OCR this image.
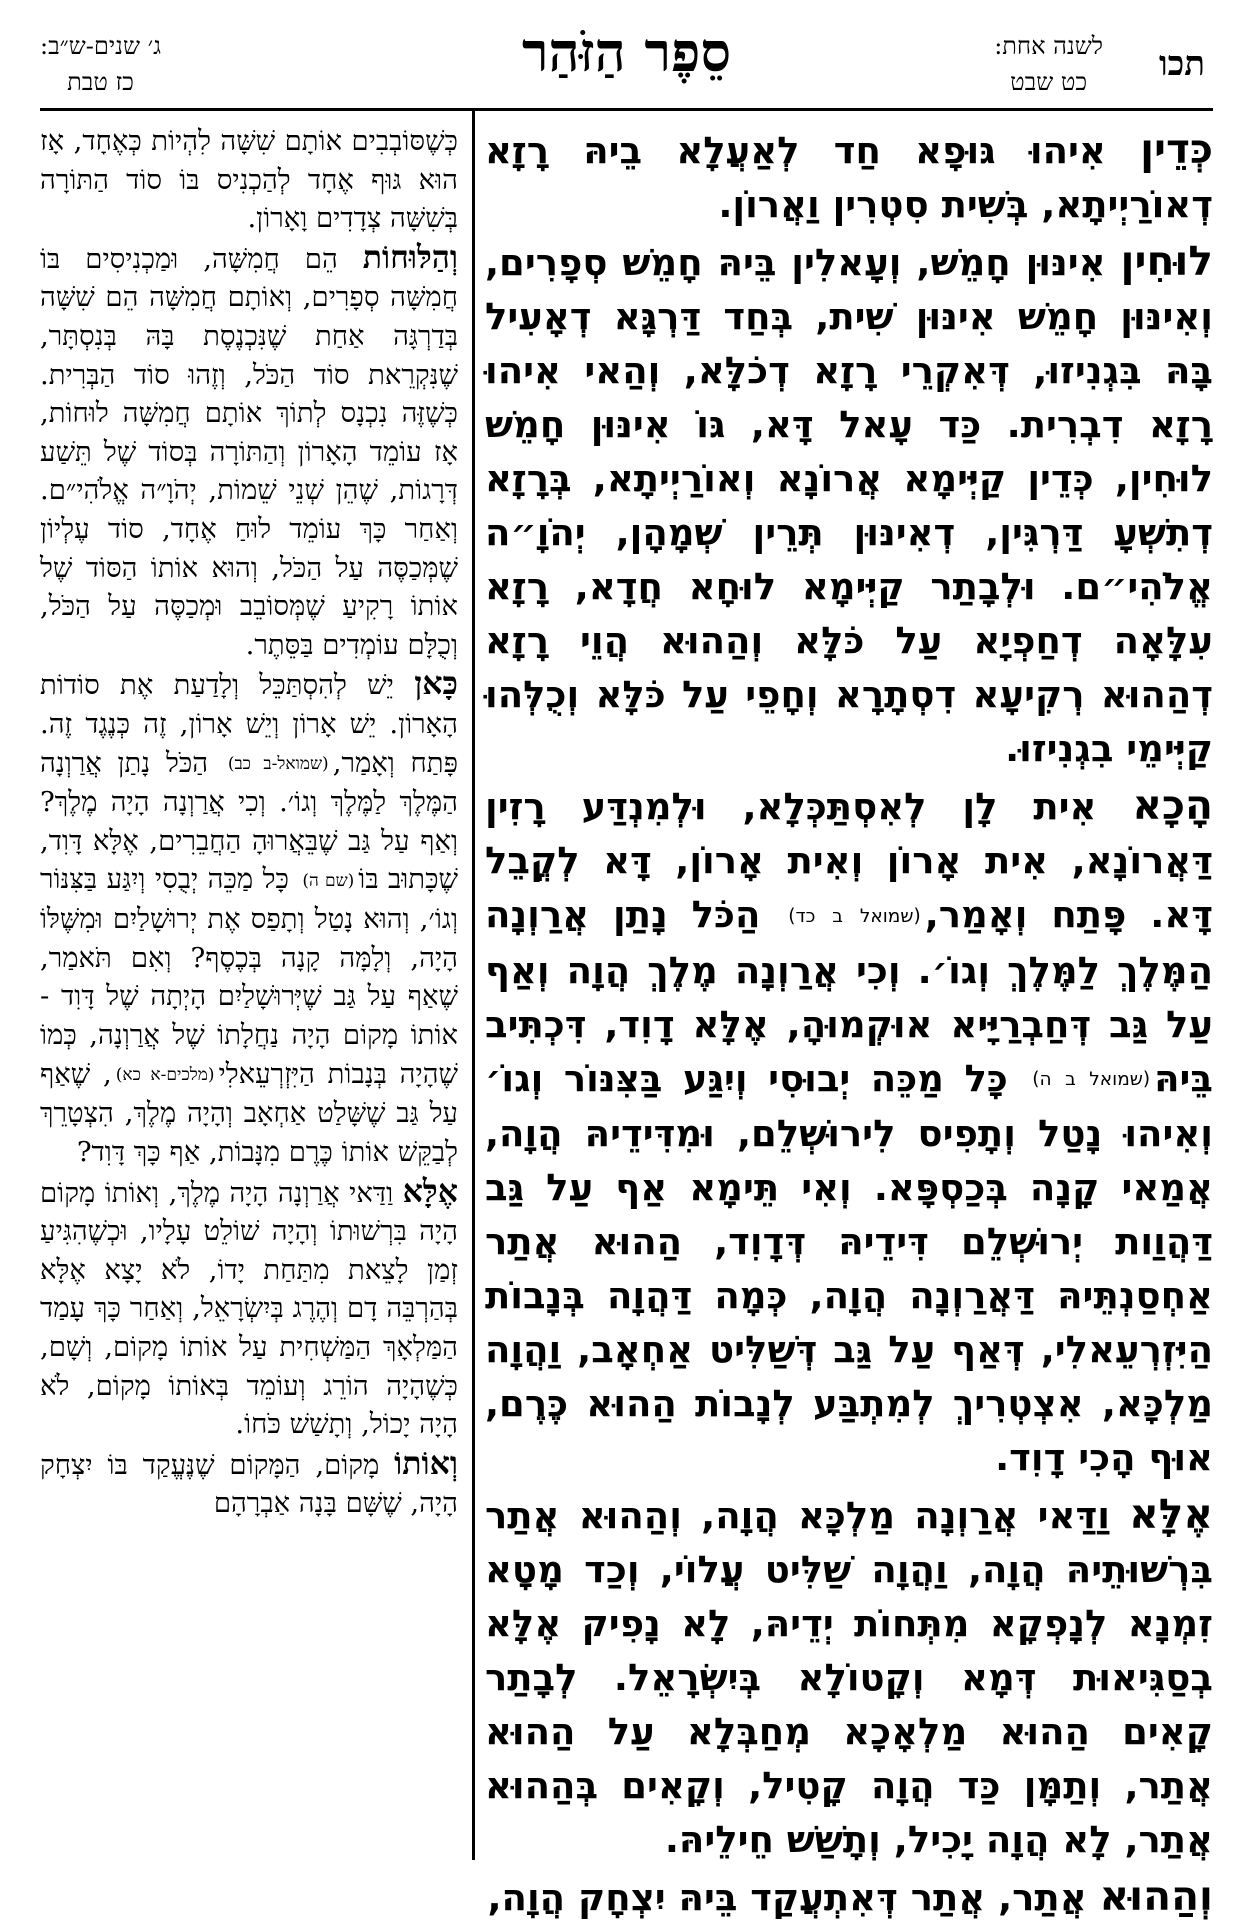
תכו
לשנה אחת:
כט שבט
סֵפֶר הַזֹּהַר
ג׳ שנים-ש״ב:
כז טבת

כְּדֵין אִיהוּ גּוּפָא חַד לְאַעֲלָא בֵיהּ רָזָא דְאוֹרַיְיתָא, בְּשִׁית סִטְרִין וַאֲרוֹן.

לוּחִין אִינּוּן חָמֵשׁ, וְעָאלִין בֵּיהּ חָמֵשׁ סְפָרִים, וְאִינּוּן חָמֵשׁ אִינּוּן שִׁית, בְּחַד דַּרְגָּא דְאָעִיל בָּהּ בִּגְנִיזוּ, דְּאִקְרֵי רָזָא דְכֹלָּא, וְהַאי אִיהוּ רָזָא דִבְרִית. כַּד עָאל דָּא, גּוֹ אִינּוּן חָמֵשׁ לוּחִין, כְּדֵין קַיְּימָא אֲרוֹנָא וְאוֹרַיְיתָא, בְּרָזָא דְתִשְׁעָ דַּרְגִּין, דְאִינּוּן תְּרֵין שְׁמָהָן, יְהֹוָ״ה אֱלֹהִי״ם. וּלְבָתַר קַיְּימָא לוּחָא חֲדָא, רָזָא עִלָּאָה דְחַפְיָא עַל כֹּלָּא וְהַהוּא הֲוֵי רָזָא דְהַהוּא רְקִיעָא דִסְתָרָא וְחָפֵי עַל כֹּלָּא וְכֻלְּהוּ קַיְּימֵי בִגְנִיזוּ.

הָכָא אִית לָן לְאִסְתַּכְּלָא, וּלְמִנְדַּע רָזִין דַּאֲרוֹנָא, אִית אָרוֹן וְאִית אָרוֹן, דָּא לְקֳבֵל דָּא. פָּתַח וְאָמַר,(שמואל ב כד) הַכֹּל נָתַן אֲרַוְנָה הַמֶּלֶךְ לַמֶּלֶךְ וְגוֹ׳. וְכִי אֲרַוְנָה מֶלֶךְ הֲוָה וְאַף עַל גַּב דְּחַבְרַיָּיא אוּקְמוּהָ, אֶלָּא דָוִד, דִּכְתִּיב בֵּיהּ(שמואל ב ה) כָּל מַכֵּה יְבוּסִי וְיִגַּע בַּצִּנּוֹר וְגוֹ׳ וְאִיהוּ נָטַל וְתָפִיס לִירוּשְׁלֵם, וּמִדִּידֵיהּ הֲוָה, אֲמַאי קָנָה בְּכַסְפָּא. וְאִי תֵּימָא אַף עַל גַּב דַּהֲוַות יְרוּשְׁלֵם דִּידֵיהּ דְּדָוִד, הַהוּא אֲתַר אַחְסַנְתֵּיהּ דַּאֲרַוְנָה הֲוָה, כְּמָה דַּהֲוָה בְּנָבוֹת הַיִּזְרְעֵאלִי, דְּאַף עַל גַּב דְּשַׁלִּיט אַחְאָב, וַהֲוָה מַלְכָּא, אִצְטְרִיךְ לְמִתְבַּע לְנָבוֹת הַהוּא כֶּרֶם, אוּף הָכִי דָוִד.

אֶלָּא וַדַּאי אֲרַוְנָה מַלְכָּא הֲוָה, וְהַהוּא אֲתַר בִּרְשׁוּתֵיהּ הֲוָה, וַהֲוָה שַׁלִּיט עֲלוֹי, וְכַד מָטָא זִמְנָא לְנָפְקָא מִתְּחוֹת יְדֵיהּ, לָא נָפִיק אֶלָּא בְסַגִּיאוּת דְּמָא וְקָטוֹלָא בְּיִשְׂרָאֵל. לְבָתַר קָאִים הַהוּא מַלְאָכָא מְחַבְּלָא עַל הַהוּא אֲתַר, וְתַמָּן כַּד הֲוָה קָטִיל, וְקָאִים בְּהַהוּא אֲתַר, לָא הֲוָה יָכִיל, וְתָשַׁשׁ חֵילֵיהּ.

וְהַהוּא אֲתַר, אֲתַר דְּאִתְעֲקַד בֵּיהּ יִצְחָק הֲוָה,

כְּשֶׁסּוֹבְבִים אוֹתָם שִׁשָּׁה לִהְיוֹת כְּאֶחָד, אָז הוּא גּוּף אֶחָד לְהַכְנִיס בּוֹ סוֹד הַתּוֹרָה בְּשִׁשָּׁה צְדָדִים וָאָרוֹן.

וְהַלּוּחוֹת הֵם חֲמִשָּׁה, וּמַכְנִיסִים בּוֹ חֲמִשָּׁה סְפָרִים, וְאוֹתָם חֲמִשָּׁה הֵם שִׁשָּׁה בְּדַרְגָּה אַחַת שֶׁנִּכְנֶסֶת בָּהּ בְּנִסְתָּר, שֶׁנִּקְרֵאת סוֹד הַכֹּל, וְזֶהוּ סוֹד הַבְּרִית. כְּשֶׁזֶּה נִכְנָס לְתוֹךְ אוֹתָם חֲמִשָּׁה לוּחוֹת, אָז עוֹמֵד הָאָרוֹן וְהַתּוֹרָה בְּסוֹד שֶׁל תֵּשַׁע דְּרָגוֹת, שֶׁהֵן שְׁנֵי שֵׁמוֹת, יְהֹוָ״ה אֱלֹהִי״ם. וְאַחַר כָּךְ עוֹמֵד לוּחַ אֶחָד, סוֹד עֶלְיוֹן שֶׁמְּכַסֶּה עַל הַכֹּל, וְהוּא אוֹתוֹ הַסּוֹד שֶׁל אוֹתוֹ רָקִיעַ שֶׁמְּסוֹבֵב וּמְכַסֶּה עַל הַכֹּל, וְכֻלָּם עוֹמְדִים בַּסֵּתֶר.

כָּאן יֵשׁ לְהִסְתַּכֵּל וְלָדַעַת אֶת סוֹדוֹת הָאָרוֹן. יֵשׁ אָרוֹן וְיֵשׁ אָרוֹן, זֶה כְּנֶגֶד זֶה. פָּתַח וְאָמַר,(שמואל-ב כב) הַכֹּל נָתַן אֲרַוְנָה הַמֶּלֶךְ לַמֶּלֶךְ וְגוֹ׳. וְכִי אֲרַוְנָה הָיָה מֶלֶךְ? וְאַף עַל גַּב שֶׁבֵּאֲרוּהָ הַחֲבֵרִים, אֶלָּא דָּוִד, שֶׁכָּתוּב בּוֹ(שם ה) כָּל מַכֵּה יְבֻסִי וְיִגַּע בַּצִּנּוֹר וְגוֹ׳, וְהוּא נָטַל וְתָפַס אֶת יְרוּשָׁלַיִם וּמִשֶּׁלּוֹ הָיָה, וְלָמָּה קָנָה בְּכֶסֶף? וְאִם תֹּאמַר, שֶׁאַף עַל גַּב שֶׁיְּרוּשָׁלַיִם הָיְתָה שֶׁל דָּוִד - אוֹתוֹ מָקוֹם הָיָה נַחֲלָתוֹ שֶׁל אֲרַוְנָה, כְּמוֹ שֶׁהָיָה בְּנָבוֹת הַיִּזְרְעֵאלִי(מלכים-א כא), שֶׁאַף עַל גַּב שֶׁשָּׁלַט אַחְאָב וְהָיָה מֶלֶךְ, הִצְטָרֵךְ לְבַקֵּשׁ אוֹתוֹ כֶּרֶם מִנָּבוֹת, אַף כָּךְ דָּוִד?

אֶלָּא וַדַּאי אֲרַוְנָה הָיָה מֶלֶךְ, וְאוֹתוֹ מָקוֹם הָיָה בִּרְשׁוּתוֹ וְהָיָה שׁוֹלֵט עָלָיו, וּכְשֶׁהִגִּיעַ זְמַן לָצֵאת מִתַּחַת יָדוֹ, לֹא יָצָא אֶלָּא בְּהַרְבֵּה דָם וְהֶרֶג בְּיִשְׂרָאֵל, וְאַחַר כָּךְ עָמַד הַמַּלְאָךְ הַמַּשְׁחִית עַל אוֹתוֹ מָקוֹם, וְשָׁם, כְּשֶׁהָיָה הוֹרֵג וְעוֹמֵד בְּאוֹתוֹ מָקוֹם, לֹא הָיָה יָכוֹל, וְתָשַׁשׁ כֹּחוֹ.

וְאוֹתוֹ מָקוֹם, הַמָּקוֹם שֶׁנֶּעֱקַד בּוֹ יִצְחָק הָיָה, שֶׁשָּׁם בָּנָה אַבְרָהָם
